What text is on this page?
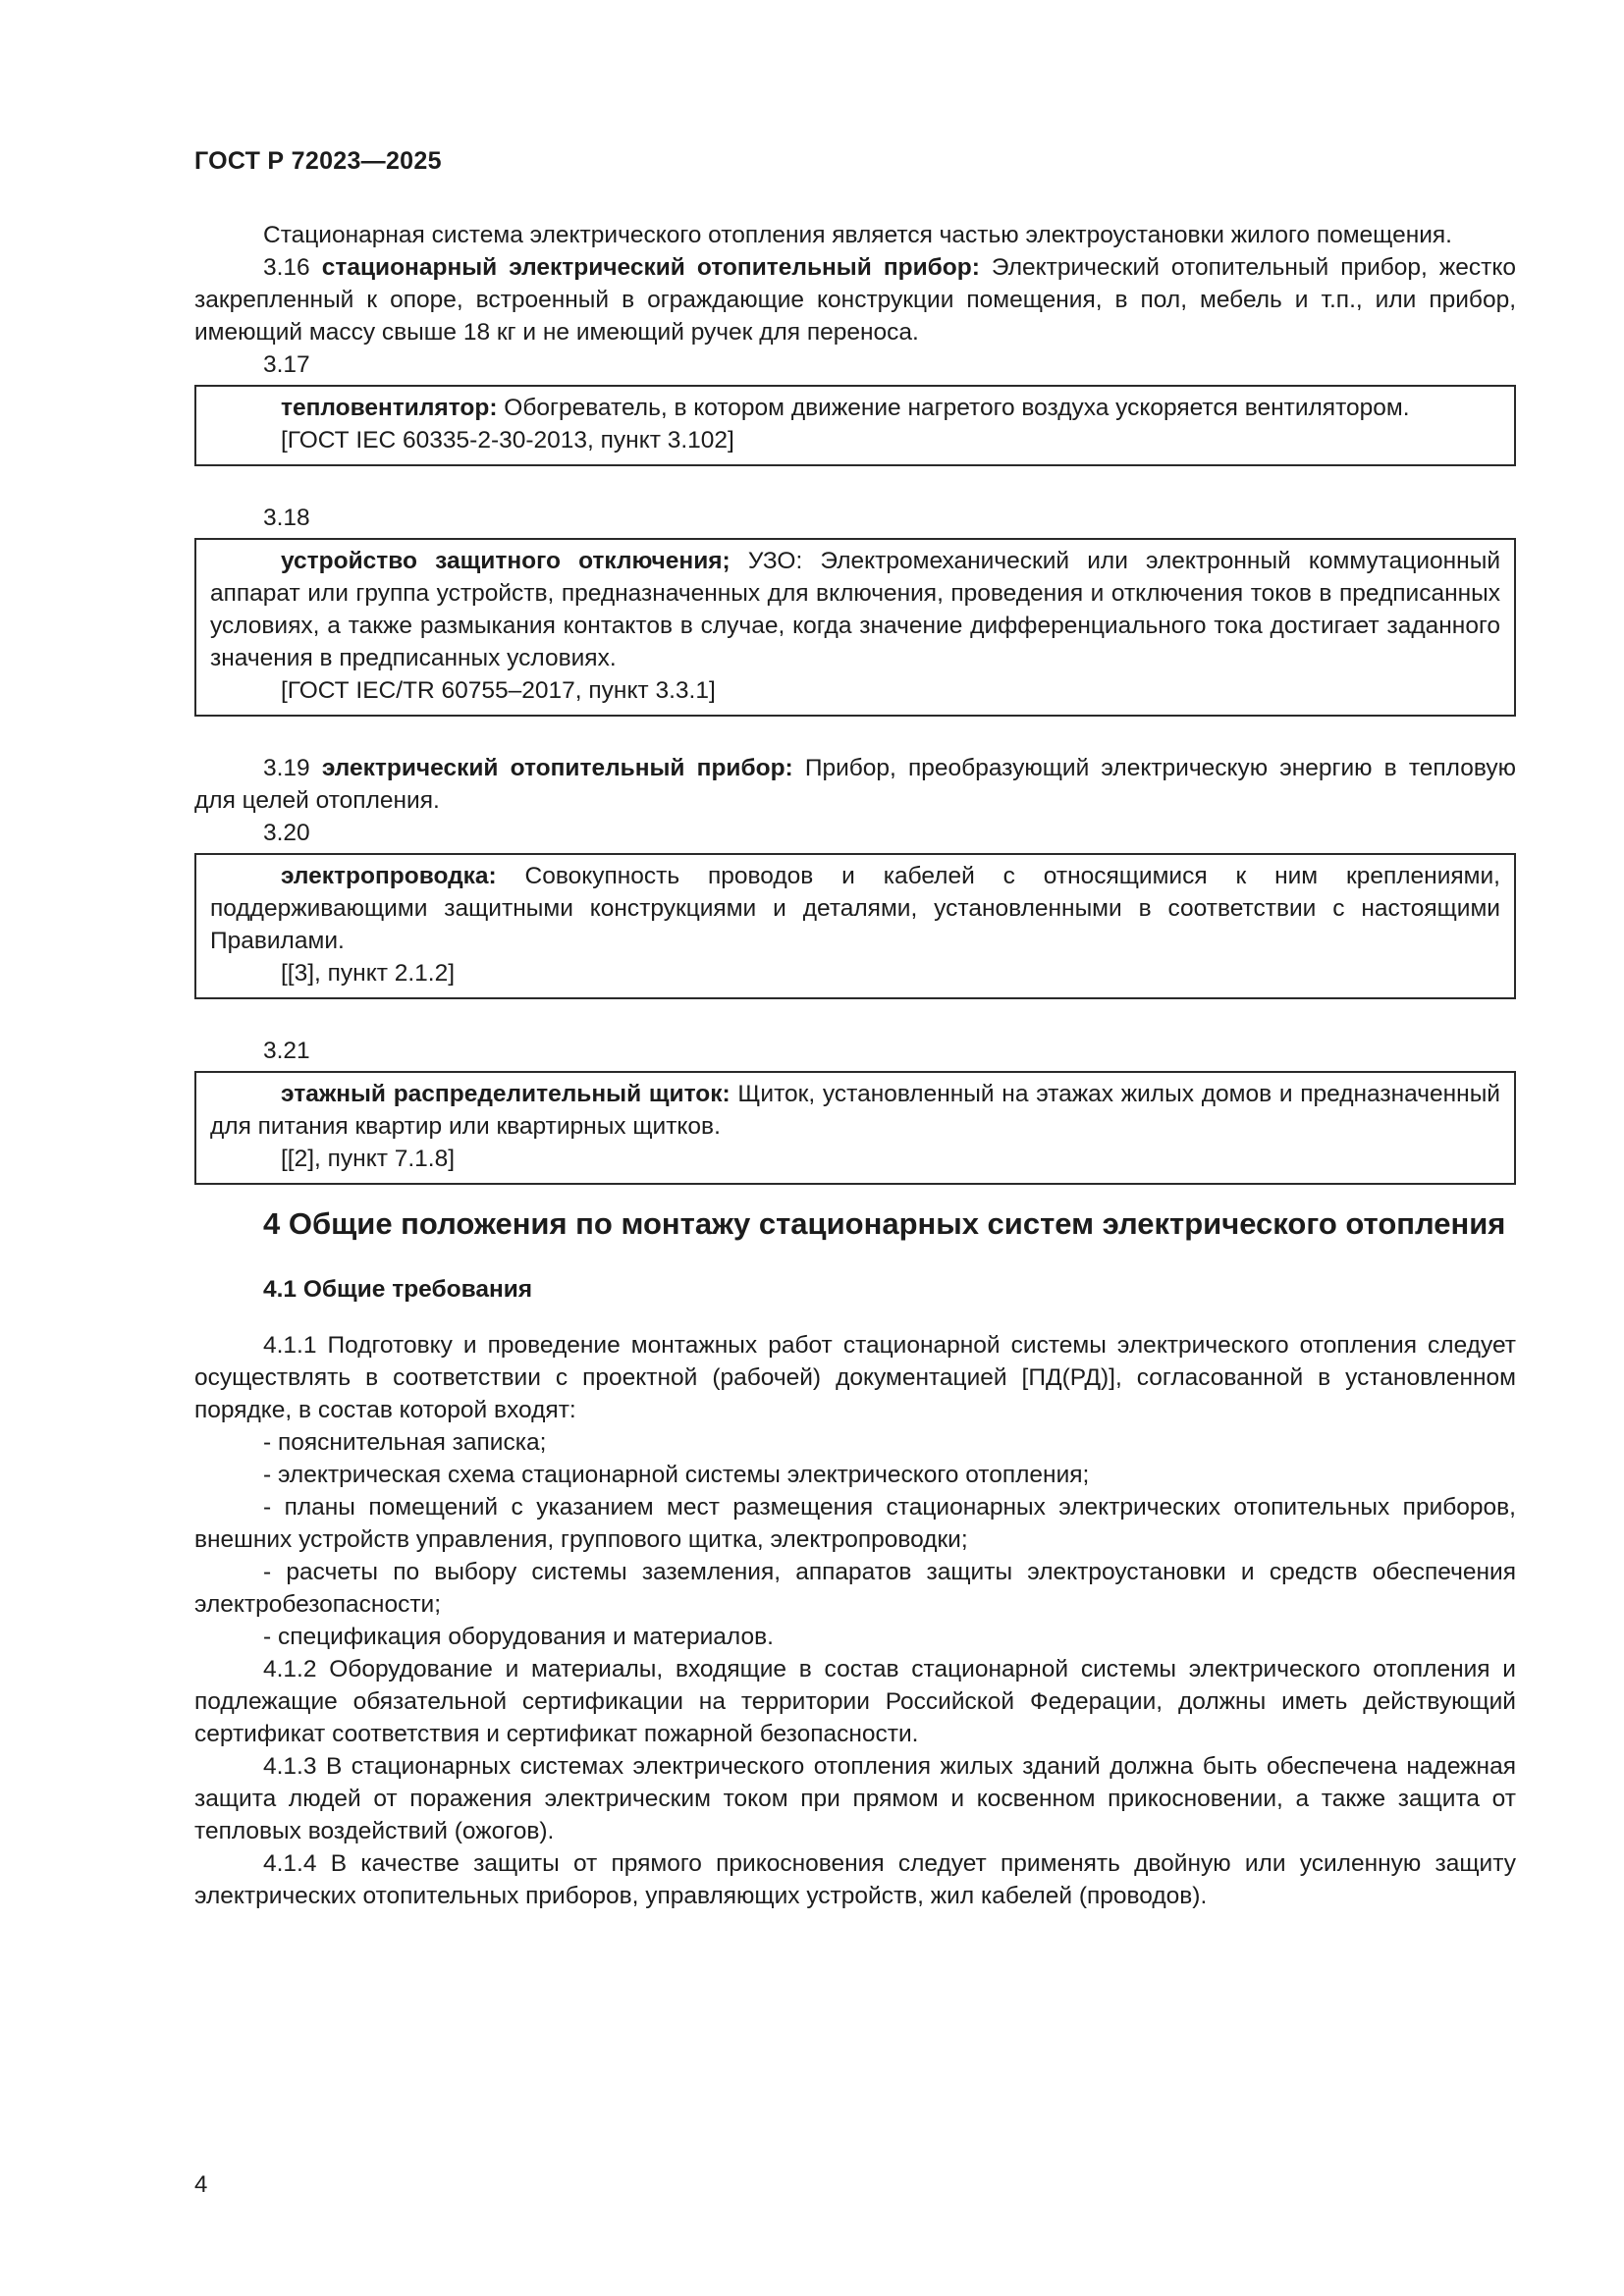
ГОСТ Р 72023—2025

Стационарная система электрического отопления является частью электроустановки жилого помещения.

3.16 стационарный электрический отопительный прибор: Электрический отопительный прибор, жестко закрепленный к опоре, встроенный в ограждающие конструкции помещения, в пол, мебель и т.п., или прибор, имеющий массу свыше 18 кг и не имеющий ручек для переноса.

3.17

тепловентилятор: Обогреватель, в котором движение нагретого воздуха ускоряется вентилятором.

[ГОСТ IEC 60335-2-30-2013, пункт 3.102]
3.18

устройство защитного отключения; УЗО: Электромеханический или электронный коммутационный аппарат или группа устройств, предназначенных для включения, проведения и отключения токов в предписанных условиях, а также размыкания контактов в случае, когда значение дифференциального тока достигает заданного значения в предписанных условиях.

[ГОСТ IEC/TR 60755–2017, пункт 3.3.1]

3.19 электрический отопительный прибор: Прибор, преобразующий электрическую энергию в тепловую для целей отопления.

3.20

электропроводка: Совокупность проводов и кабелей с относящимися к ним креплениями, поддерживающими защитными конструкциями и деталями, установленными в соответствии с настоящими Правилами.

[[3], пункт 2.1.2]
3.21

этажный распределительный щиток: Щиток, установленный на этажах жилых домов и предназначенный для питания квартир или квартирных щитков.

[[2], пункт 7.1.8]
4 Общие положения по монтажу стационарных систем электрического отопления
4.1 Общие требования

4.1.1 Подготовку и проведение монтажных работ стационарной системы электрического отопления следует осуществлять в соответствии с проектной (рабочей) документацией [ПД(РД)], согласованной в установленном порядке, в состав которой входят:

- пояснительная записка;
- электрическая схема стационарной системы электрического отопления;
- планы помещений с указанием мест размещения стационарных электрических отопительных приборов, внешних устройств управления, группового щитка, электропроводки;
- расчеты по выбору системы заземления, аппаратов защиты электроустановки и средств обеспечения электробезопасности;
- спецификация оборудования и материалов.

4.1.2 Оборудование и материалы, входящие в состав стационарной системы электрического отопления и подлежащие обязательной сертификации на территории Российской Федерации, должны иметь действующий сертификат соответствия и сертификат пожарной безопасности.

4.1.3 В стационарных системах электрического отопления жилых зданий должна быть обеспечена надежная защита людей от поражения электрическим током при прямом и косвенном прикосновении, а также защита от тепловых воздействий (ожогов).

4.1.4 В качестве защиты от прямого прикосновения следует применять двойную или усиленную защиту электрических отопительных приборов, управляющих устройств, жил кабелей (проводов).

4
